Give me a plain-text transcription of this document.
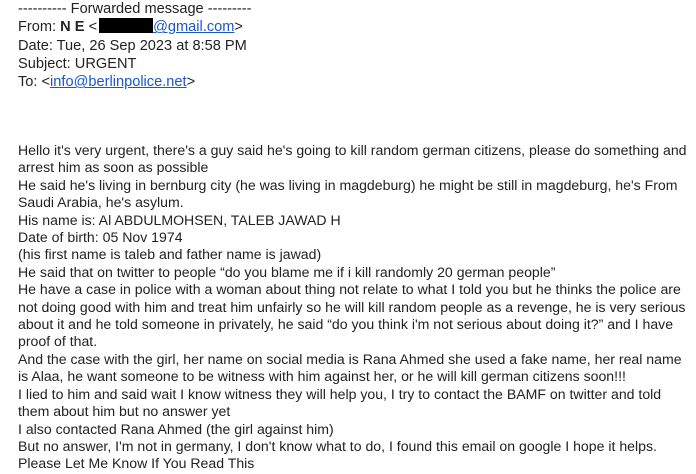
---------- Forwarded message ---------
From: N E <	@gmail.com>
Date: Tue, 26 Sep 2023 at 8:58 PM
Subject: URGENT
To: <info@berlinpolice.net>
Hello it's very urgent, there's a guy said he's going to kill random german citizens, please do something and
arrest him as soon as possible
He said he's living in bernburg city (he was living in magdeburg) he might be still in magdeburg, he's From
Saudi Arabia, he's asylum.
His name is: Al ABDULMOHSEN, TALEB JAWAD H
Date of birth: 05 Nov 1974
(his first name is taleb and father name is jawad)
He said that on twitter to people “do you blame me if i kill randomly 20 german people”
He have a case in police with a woman about thing not relate to what I told you but he thinks the police are
not doing good with him and treat him unfairly so he will kill random people as a revenge, he is very serious
about it and he told someone in privately, he said “do you think i'm not serious about doing it?” and I have
proof of that.
And the case with the girl, her name on social media is Rana Ahmed she used a fake name, her real name
is Alaa, he want someone to be witness with him against her, or he will kill german citizens soon!!!
I lied to him and said wait I know witness they will help you, I try to contact the BAMF on twitter and told
them about him but no answer yet
I also contacted Rana Ahmed (the girl against him)
But no answer, I'm not in germany, I don't know what to do, I found this email on google I hope it helps.
Please Let Me Know If You Read This
